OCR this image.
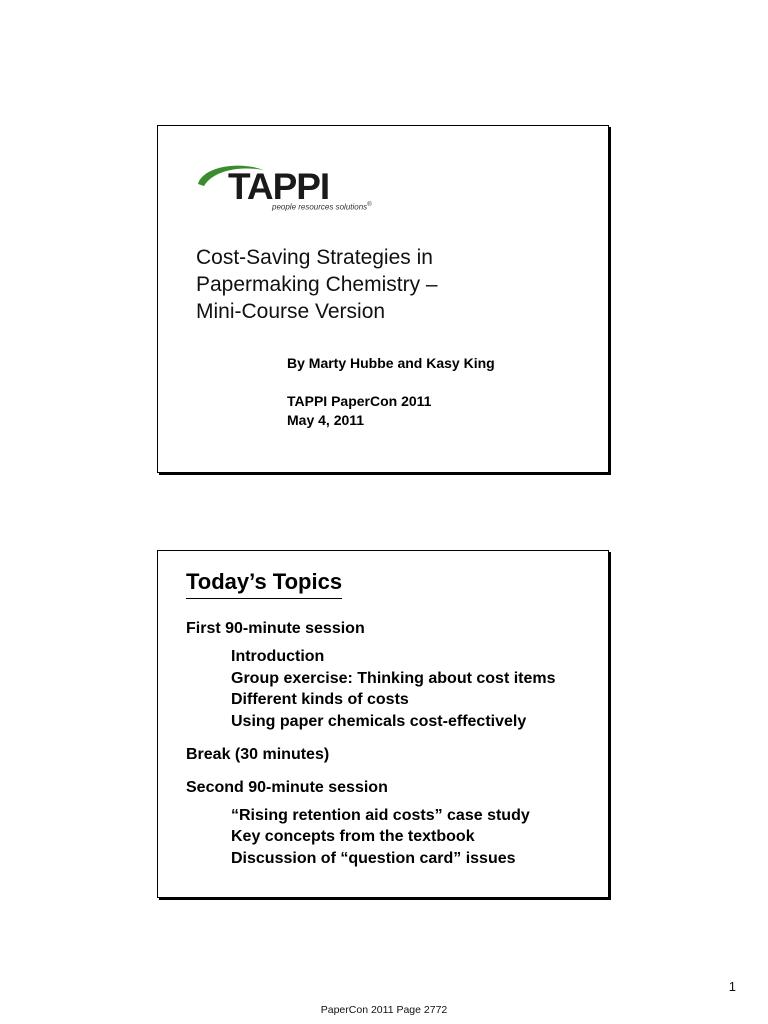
TAPPI
people resources solutions®
Cost-Saving Strategies in
Papermaking Chemistry –
Mini-Course Version
By Marty Hubbe and Kasy King
TAPPI PaperCon 2011
May 4, 2011
Today’s Topics
First 90-minute session
Introduction
Group exercise: Thinking about cost items
Different kinds of costs
Using paper chemicals cost-effectively
Break (30 minutes)
Second 90-minute session
“Rising retention aid costs” case study
Key concepts from the textbook
Discussion of “question card” issues
1
PaperCon 2011 Page 2772
